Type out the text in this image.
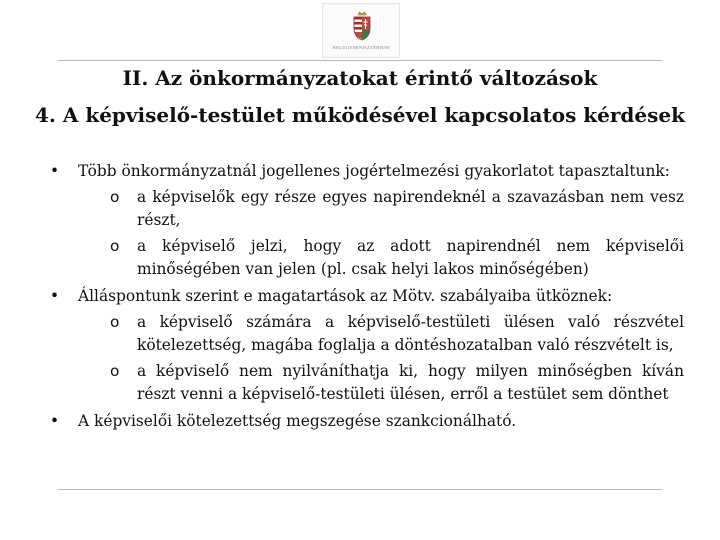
BELÜGYMINISZTÉRIUM
II. Az önkormányzatokat érintő változások
4. A képviselő-testület működésével kapcsolatos kérdések
• Több önkormányzatnál jogellenes jogértelmezési gyakorlatot tapasztaltunk:
o a képviselők egy része egyes napirendeknél a szavazásban nem vesz részt,
o a képviselő jelzi, hogy az adott napirendnél nem képviselői minőségében van jelen (pl. csak helyi lakos minőségében)
• Álláspontunk szerint e magatartások az Mötv. szabályaiba ütköznek:
o a képviselő számára a képviselő-testületi ülésen való részvétel kötelezettség, magába foglalja a döntéshozatalban való részvételt is,
o a képviselő nem nyilváníthatja ki, hogy milyen minőségben kíván részt venni a képviselő-testületi ülésen, erről a testület sem dönthet
• A képviselői kötelezettség megszegése szankcionálható.
